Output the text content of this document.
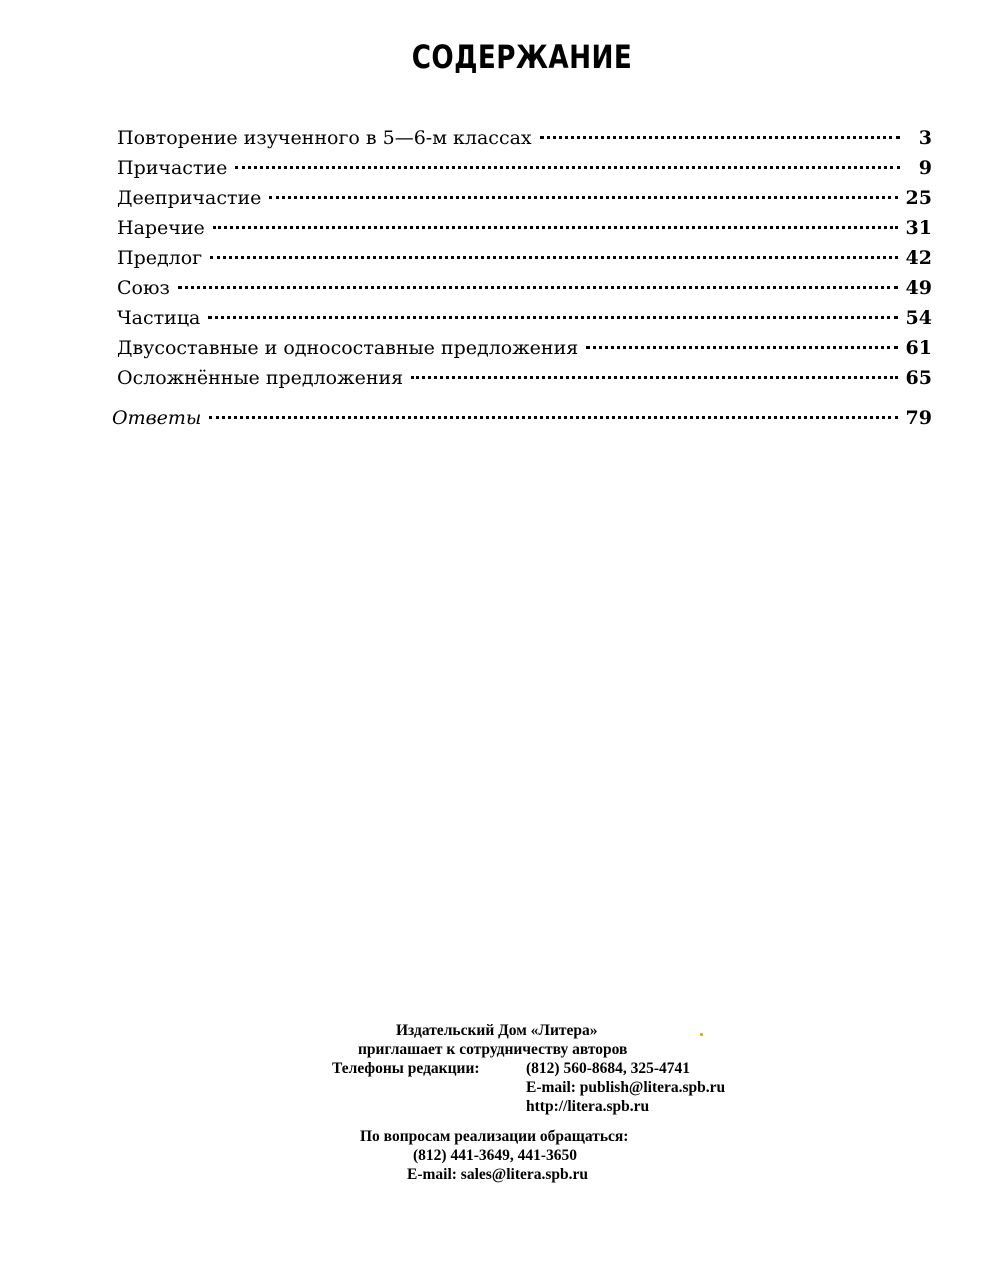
СОДЕРЖАНИЕ
Повторение изученного в 5—6-м классах	3
Причастие	9
Деепричастие	25
Наречие	31
Предлог	42
Союз	49
Частица	54
Двусоставные и односоставные предложения	61
Осложнённые предложения	65
Ответы	79
Издательский Дом «Литера»
приглашает к сотрудничеству авторов
Телефоны редакции:	(812) 560-8684, 325-4741
E-mail: publish@litera.spb.ru
http://litera.spb.ru
По вопросам реализации обращаться:
(812) 441-3649, 441-3650
E-mail: sales@litera.spb.ru
